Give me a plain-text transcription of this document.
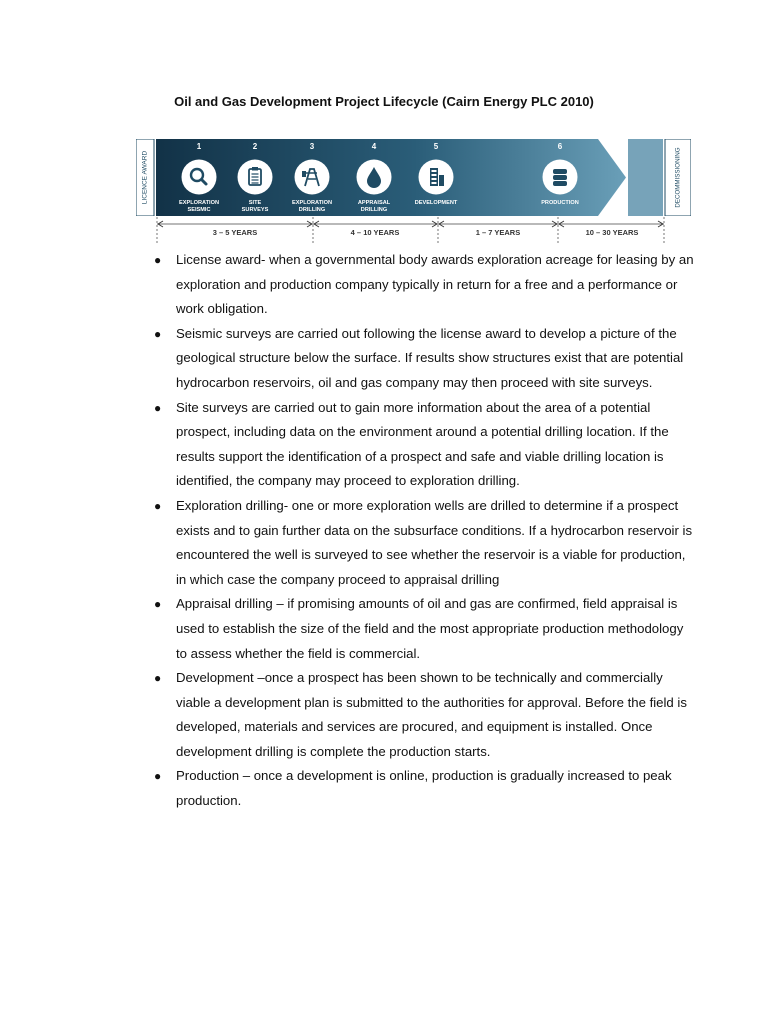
Oil and Gas Development Project Lifecycle (Cairn Energy PLC 2010)
LICENCE AWARD	DECOMMISSIONING
1
EXPLORATION
SEISMIC
2
SITE
SURVEYS
3
EXPLORATION
DRILLING
4
APPRAISAL
DRILLING
5
DEVELOPMENT
6
PRODUCTION
3 – 5 YEARS	4 – 10 YEARS	1 – 7 YEARS	10 – 30 YEARS
● License award- when a governmental body awards exploration acreage for leasing by an exploration and production company typically in return for a free and a performance or work obligation.
● Seismic surveys are carried out following the license award to develop a picture of the geological structure below the surface. If results show structures exist that are potential hydrocarbon reservoirs, oil and gas company may then proceed with site surveys.
● Site surveys are carried out to gain more information about the area of a potential prospect, including data on the environment around a potential drilling location. If the results support the identification of a prospect and safe and viable drilling location is identified, the company may proceed to exploration drilling.
● Exploration drilling- one or more exploration wells are drilled to determine if a prospect exists and to gain further data on the subsurface conditions. If a hydrocarbon reservoir is encountered the well is surveyed to see whether the reservoir is a viable for production, in which case the company proceed to appraisal drilling
● Appraisal drilling – if promising amounts of oil and gas are confirmed, field appraisal is used to establish the size of the field and the most appropriate production methodology to assess whether the field is commercial.
● Development –once a prospect has been shown to be technically and commercially viable a development plan is submitted to the authorities for approval. Before the field is developed, materials and services are procured, and equipment is installed. Once development drilling is complete the production starts.
● Production – once a development is online, production is gradually increased to peak production.
